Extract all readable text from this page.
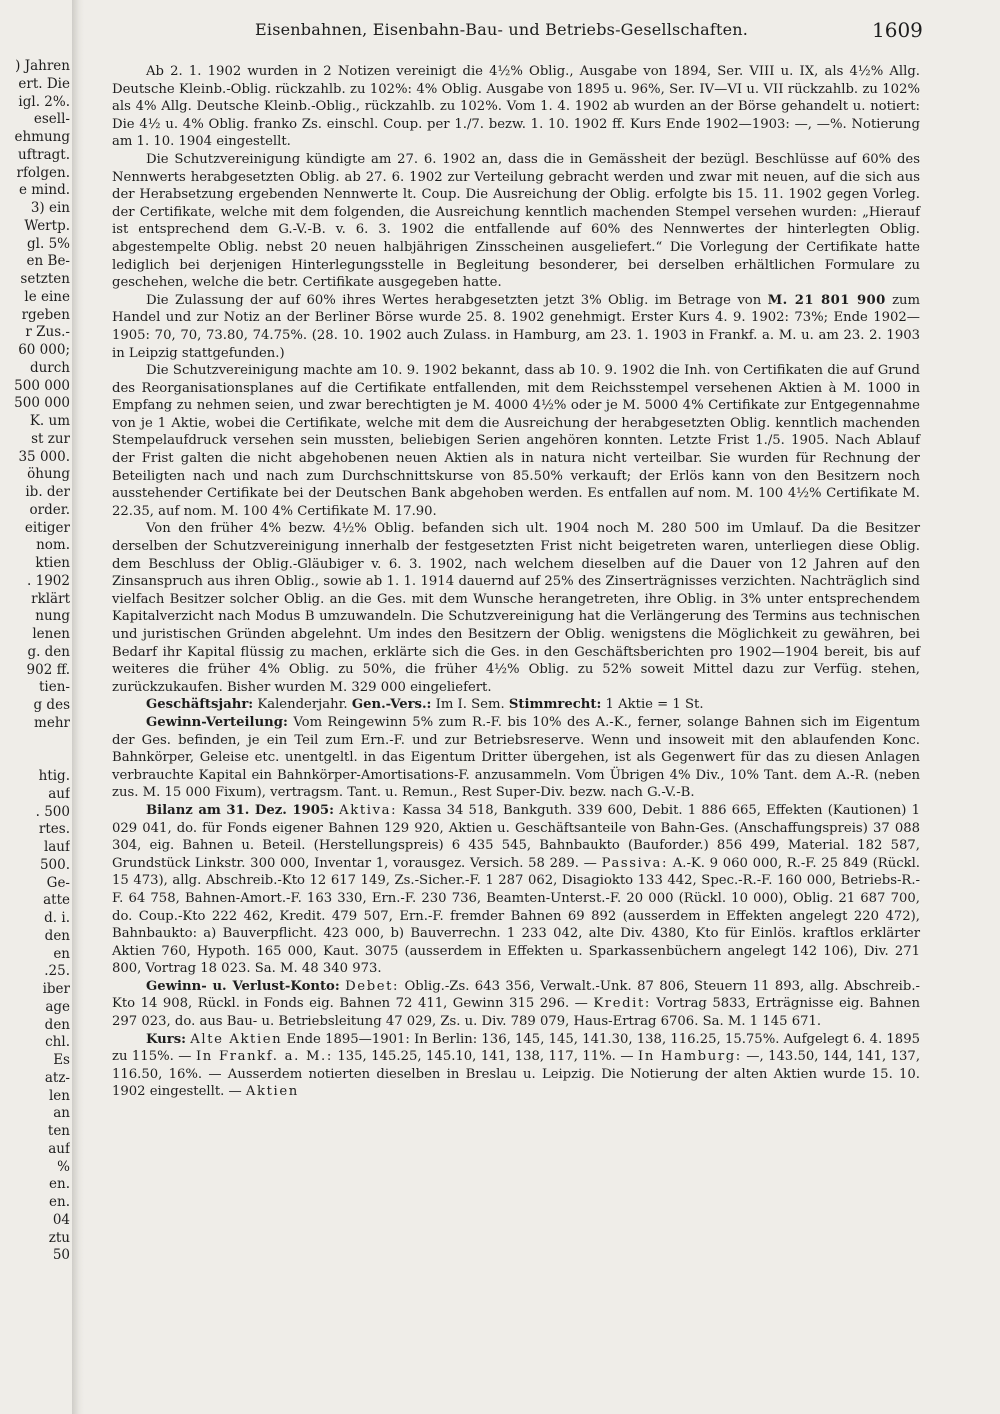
) Jahren
ert. Die
igl. 2%.
esell-
ehmung
uftragt.
rfolgen.
e mind.
3) ein
Wertp.
gl. 5%
en Be-
setzten
le eine
rgeben
r Zus.-
60 000;
durch
500 000
500 000
K. um
st zur
35 000.
öhung
ib. der
order.
eitiger
nom.
ktien
. 1902
rklärt
nung
lenen
g. den
902 ff.
tien-
g des
mehr
htig.
auf
. 500
rtes.
lauf
500.
Ge-
atte
d. i.
den
en
.25.
iber
age
den
chl.
Es
atz-
len
an
ten
auf
%
en.
en.
04
ztu
50
Eisenbahnen, Eisenbahn-Bau- und Betriebs-Gesellschaften.	1609

Ab 2. 1. 1902 wurden in 2 Notizen vereinigt die 4½% Oblig., Ausgabe von 1894, Ser. VIII u. IX, als 4½% Allg. Deutsche Kleinb.-Oblig. rückzahlb. zu 102%: 4% Oblig. Ausgabe von 1895 u. 96%, Ser. IV—VI u. VII rückzahlb. zu 102% als 4% Allg. Deutsche Kleinb.-Oblig., rückzahlb. zu 102%. Vom 1. 4. 1902 ab wurden an der Börse gehandelt u. notiert: Die 4½ u. 4% Oblig. franko Zs. einschl. Coup. per 1./7. bezw. 1. 10. 1902 ff. Kurs Ende 1902—1903: —, —%. Notierung am 1. 10. 1904 eingestellt.

Die Schutzvereinigung kündigte am 27. 6. 1902 an, dass die in Gemässheit der bezügl. Beschlüsse auf 60% des Nennwerts herabgesetzten Oblig. ab 27. 6. 1902 zur Verteilung gebracht werden und zwar mit neuen, auf die sich aus der Herabsetzung ergebenden Nennwerte lt. Coup. Die Ausreichung der Oblig. erfolgte bis 15. 11. 1902 gegen Vorleg. der Certifikate, welche mit dem folgenden, die Ausreichung kenntlich machenden Stempel versehen wurden: „Hierauf ist entsprechend dem G.-V.-B. v. 6. 3. 1902 die entfallende auf 60% des Nennwertes der hinterlegten Oblig. abgestempelte Oblig. nebst 20 neuen halbjährigen Zinsscheinen ausgeliefert.“ Die Vorlegung der Certifikate hatte lediglich bei derjenigen Hinterlegungsstelle in Begleitung besonderer, bei derselben erhältlichen Formulare zu geschehen, welche die betr. Certifikate ausgegeben hatte.

Die Zulassung der auf 60% ihres Wertes herabgesetzten jetzt 3% Oblig. im Betrage von M. 21 801 900 zum Handel und zur Notiz an der Berliner Börse wurde 25. 8. 1902 genehmigt. Erster Kurs 4. 9. 1902: 73%; Ende 1902—1905: 70, 70, 73.80, 74.75%. (28. 10. 1902 auch Zulass. in Hamburg, am 23. 1. 1903 in Frankf. a. M. u. am 23. 2. 1903 in Leipzig stattgefunden.)

Die Schutzvereinigung machte am 10. 9. 1902 bekannt, dass ab 10. 9. 1902 die Inh. von Certifikaten die auf Grund des Reorganisationsplanes auf die Certifikate entfallenden, mit dem Reichsstempel versehenen Aktien à M. 1000 in Empfang zu nehmen seien, und zwar berechtigten je M. 4000 4½% oder je M. 5000 4% Certifikate zur Entgegennahme von je 1 Aktie, wobei die Certifikate, welche mit dem die Ausreichung der herabgesetzten Oblig. kenntlich machenden Stempelaufdruck versehen sein mussten, beliebigen Serien angehören konnten. Letzte Frist 1./5. 1905. Nach Ablauf der Frist galten die nicht abgehobenen neuen Aktien als in natura nicht verteilbar. Sie wurden für Rechnung der Beteiligten nach und nach zum Durchschnittskurse von 85.50% verkauft; der Erlös kann von den Besitzern noch ausstehender Certifikate bei der Deutschen Bank abgehoben werden. Es entfallen auf nom. M. 100 4½% Certifikate M. 22.35, auf nom. M. 100 4% Certifikate M. 17.90.

Von den früher 4% bezw. 4½% Oblig. befanden sich ult. 1904 noch M. 280 500 im Umlauf. Da die Besitzer derselben der Schutzvereinigung innerhalb der festgesetzten Frist nicht beigetreten waren, unterliegen diese Oblig. dem Beschluss der Oblig.-Gläubiger v. 6. 3. 1902, nach welchem dieselben auf die Dauer von 12 Jahren auf den Zinsanspruch aus ihren Oblig., sowie ab 1. 1. 1914 dauernd auf 25% des Zinserträgnisses verzichten. Nachträglich sind vielfach Besitzer solcher Oblig. an die Ges. mit dem Wunsche herangetreten, ihre Oblig. in 3% unter entsprechendem Kapitalverzicht nach Modus B umzuwandeln. Die Schutzvereinigung hat die Verlängerung des Termins aus technischen und juristischen Gründen abgelehnt. Um indes den Besitzern der Oblig. wenigstens die Möglichkeit zu gewähren, bei Bedarf ihr Kapital flüssig zu machen, erklärte sich die Ges. in den Geschäftsberichten pro 1902—1904 bereit, bis auf weiteres die früher 4% Oblig. zu 50%, die früher 4½% Oblig. zu 52% soweit Mittel dazu zur Verfüg. stehen, zurückzukaufen. Bisher wurden M. 329 000 eingeliefert.

Geschäftsjahr: Kalenderjahr. Gen.-Vers.: Im I. Sem. Stimmrecht: 1 Aktie = 1 St.

Gewinn-Verteilung: Vom Reingewinn 5% zum R.-F. bis 10% des A.-K., ferner, solange Bahnen sich im Eigentum der Ges. befinden, je ein Teil zum Ern.-F. und zur Betriebsreserve. Wenn und insoweit mit den ablaufenden Konc. Bahnkörper, Geleise etc. unentgeltl. in das Eigentum Dritter übergehen, ist als Gegenwert für das zu diesen Anlagen verbrauchte Kapital ein Bahnkörper-Amortisations-F. anzusammeln. Vom Übrigen 4% Div., 10% Tant. dem A.-R. (neben zus. M. 15 000 Fixum), vertragsm. Tant. u. Remun., Rest Super-Div. bezw. nach G.-V.-B.

Bilanz am 31. Dez. 1905: Aktiva: Kassa 34 518, Bankguth. 339 600, Debit. 1 886 665, Effekten (Kautionen) 1 029 041, do. für Fonds eigener Bahnen 129 920, Aktien u. Geschäftsanteile von Bahn-Ges. (Anschaffungspreis) 37 088 304, eig. Bahnen u. Beteil. (Herstellungspreis) 6 435 545, Bahnbaukto (Bauforder.) 856 499, Material. 182 587, Grundstück Linkstr. 300 000, Inventar 1, vorausgez. Versich. 58 289. — Passiva: A.-K. 9 060 000, R.-F. 25 849 (Rückl. 15 473), allg. Abschreib.-Kto 12 617 149, Zs.-Sicher.-F. 1 287 062, Disagiokto 133 442, Spec.-R.-F. 160 000, Betriebs-R.-F. 64 758, Bahnen-Amort.-F. 163 330, Ern.-F. 230 736, Beamten-Unterst.-F. 20 000 (Rückl. 10 000), Oblig. 21 687 700, do. Coup.-Kto 222 462, Kredit. 479 507, Ern.-F. fremder Bahnen 69 892 (ausserdem in Effekten angelegt 220 472), Bahnbaukto: a) Bauverpflicht. 423 000, b) Bauverrechn. 1 233 042, alte Div. 4380, Kto für Einlös. kraftlos erklärter Aktien 760, Hypoth. 165 000, Kaut. 3075 (ausserdem in Effekten u. Sparkassenbüchern angelegt 142 106), Div. 271 800, Vortrag 18 023. Sa. M. 48 340 973.

Gewinn- u. Verlust-Konto: Debet: Oblig.-Zs. 643 356, Verwalt.-Unk. 87 806, Steuern 11 893, allg. Abschreib.-Kto 14 908, Rückl. in Fonds eig. Bahnen 72 411, Gewinn 315 296. — Kredit: Vortrag 5833, Erträgnisse eig. Bahnen 297 023, do. aus Bau- u. Betriebsleitung 47 029, Zs. u. Div. 789 079, Haus-Ertrag 6706. Sa. M. 1 145 671.

Kurs: Alte Aktien Ende 1895—1901: In Berlin: 136, 145, 145, 141.30, 138, 116.25, 15.75%. Aufgelegt 6. 4. 1895 zu 115%. — In Frankf. a. M.: 135, 145.25, 145.10, 141, 138, 117, 11%. — In Hamburg: —, 143.50, 144, 141, 137, 116.50, 16%. — Ausserdem notierten dieselben in Breslau u. Leipzig. Die Notierung der alten Aktien wurde 15. 10. 1902 eingestellt. — Aktien
